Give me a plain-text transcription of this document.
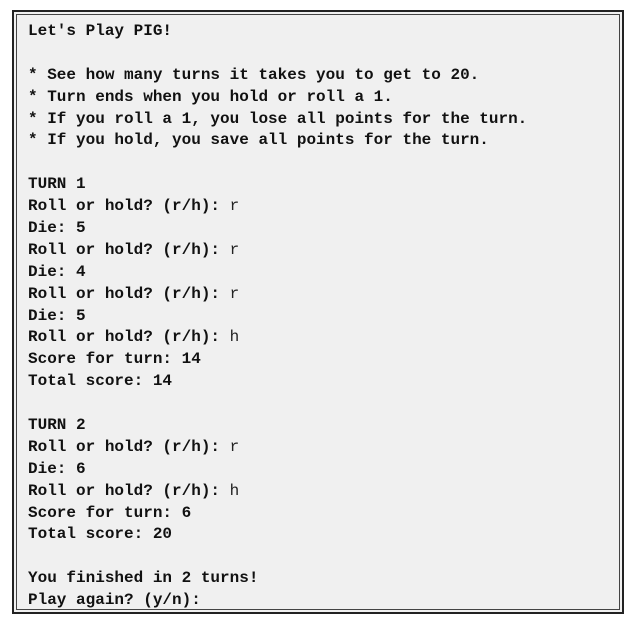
Let's Play PIG!

* See how many turns it takes you to get to 20.
* Turn ends when you hold or roll a 1.
* If you roll a 1, you lose all points for the turn.
* If you hold, you save all points for the turn.

TURN 1
Roll or hold? (r/h): r
Die: 5
Roll or hold? (r/h): r
Die: 4
Roll or hold? (r/h): r
Die: 5
Roll or hold? (r/h): h
Score for turn: 14
Total score: 14

TURN 2
Roll or hold? (r/h): r
Die: 6
Roll or hold? (r/h): h
Score for turn: 6
Total score: 20

You finished in 2 turns!
Play again? (y/n):
